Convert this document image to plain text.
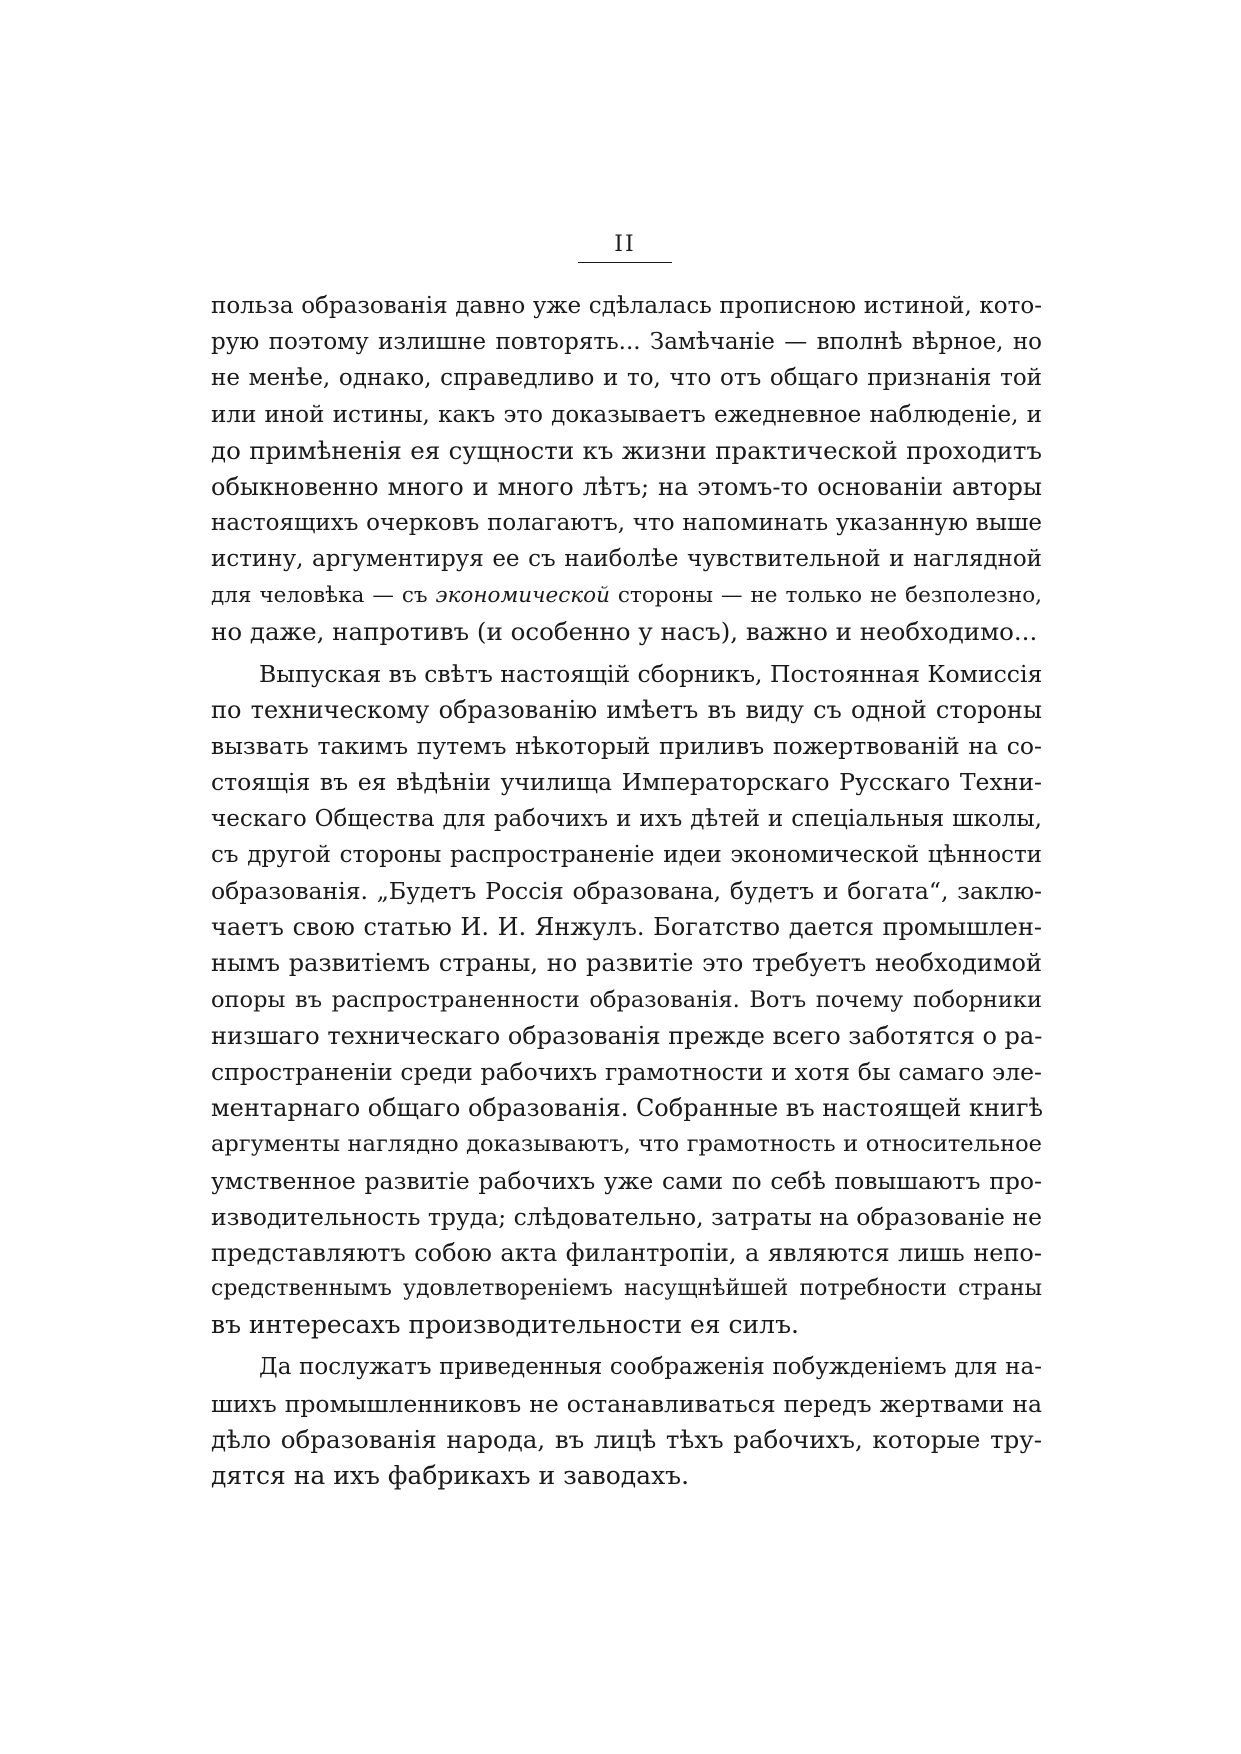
II
польза образованія давно уже сдѣлалась прописною истиной, кото-
рую поэтому излишне повторять... Замѣчаніе — вполнѣ вѣрное, но
не менѣе, однако, справедливо и то, что отъ общаго признанія той
или иной истины, какъ это доказываетъ ежедневное наблюденіе, и
до примѣненія ея сущности къ жизни практической проходитъ
обыкновенно много и много лѣтъ; на этомъ-то основаніи авторы
настоящихъ очерковъ полагаютъ, что напоминать указанную выше
истину, аргументируя ее съ наиболѣе чувствительной и наглядной
для человѣка — съ экономической стороны — не только не безполезно,
но даже, напротивъ (и особенно у насъ), важно и необходимо...
Выпуская въ свѣтъ настоящій сборникъ, Постоянная Комиссія
по техническому образованію имѣетъ въ виду съ одной стороны
вызвать такимъ путемъ нѣкоторый приливъ пожертвованій на со-
стоящія въ ея вѣдѣніи училища Императорскаго Русскаго Техни-
ческаго Общества для рабочихъ и ихъ дѣтей и спеціальныя школы,
съ другой стороны распространеніе идеи экономической цѣнности
образованія. „Будетъ Россія образована, будетъ и богата“, заклю-
чаетъ свою статью И. И. Янжулъ. Богатство дается промышлен-
нымъ развитіемъ страны, но развитіе это требуетъ необходимой
опоры въ распространенности образованія. Вотъ почему поборники
низшаго техническаго образованія прежде всего заботятся о ра-
спространеніи среди рабочихъ грамотности и хотя бы самаго эле-
ментарнаго общаго образованія. Собранные въ настоящей книгѣ
аргументы наглядно доказываютъ, что грамотность и относительное
умственное развитіе рабочихъ уже сами по себѣ повышаютъ про-
изводительность труда; слѣдовательно, затраты на образованіе не
представляютъ собою акта филантропіи, а являются лишь непо-
средственнымъ удовлетвореніемъ насущнѣйшей потребности страны
въ интересахъ производительности ея силъ.
Да послужатъ приведенныя соображенія побужденіемъ для на-
шихъ промышленниковъ не останавливаться передъ жертвами на
дѣло образованія народа, въ лицѣ тѣхъ рабочихъ, которые тру-
дятся на ихъ фабрикахъ и заводахъ.
